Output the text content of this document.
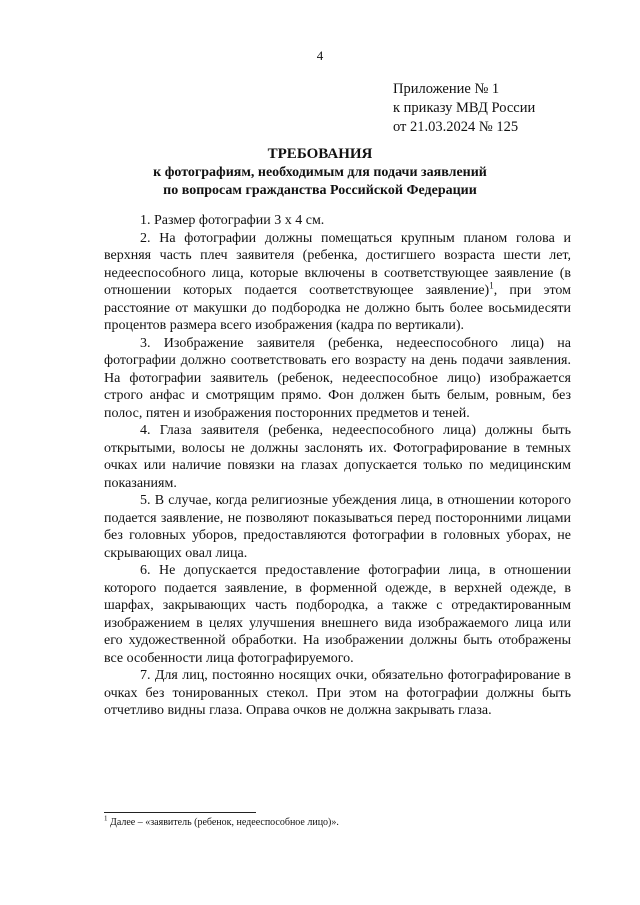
4
Приложение № 1
к приказу МВД России
от 21.03.2024 № 125
ТРЕБОВАНИЯ
к фотографиям, необходимым для подачи заявлений
по вопросам гражданства Российской Федерации

1. Размер фотографии 3 х 4 см.

2. На фотографии должны помещаться крупным планом голова и верхняя часть плеч заявителя (ребенка, достигшего возраста шести лет, недееспособного лица, которые включены в соответствующее заявление (в отношении которых подается соответствующее заявление)$^1$, при этом расстояние от макушки до подбородка не должно быть более восьмидесяти процентов размера всего изображения (кадра по вертикали).

3. Изображение заявителя (ребенка, недееспособного лица) на фотографии должно соответствовать его возрасту на день подачи заявления. На фотографии заявитель (ребенок, недееспособное лицо) изображается строго анфас и смотрящим прямо. Фон должен быть белым, ровным, без полос, пятен и изображения посторонних предметов и теней.

4. Глаза заявителя (ребенка, недееспособного лица) должны быть открытыми, волосы не должны заслонять их. Фотографирование в темных очках или наличие повязки на глазах допускается только по медицинским показаниям.

5. В случае, когда религиозные убеждения лица, в отношении которого подается заявление, не позволяют показываться перед посторонними лицами без головных уборов, предоставляются фотографии в головных уборах, не скрывающих овал лица.

6. Не допускается предоставление фотографии лица, в отношении которого подается заявление, в форменной одежде, в верхней одежде, в шарфах, закрывающих часть подбородка, а также с отредактированным изображением в целях улучшения внешнего вида изображаемого лица или его художественной обработки. На изображении должны быть отображены все особенности лица фотографируемого.

7. Для лиц, постоянно носящих очки, обязательно фотографирование в очках без тонированных стекол. При этом на фотографии должны быть отчетливо видны глаза. Оправа очков не должна закрывать глаза.

$^1$ Далее – «заявитель (ребенок, недееспособное лицо)».
